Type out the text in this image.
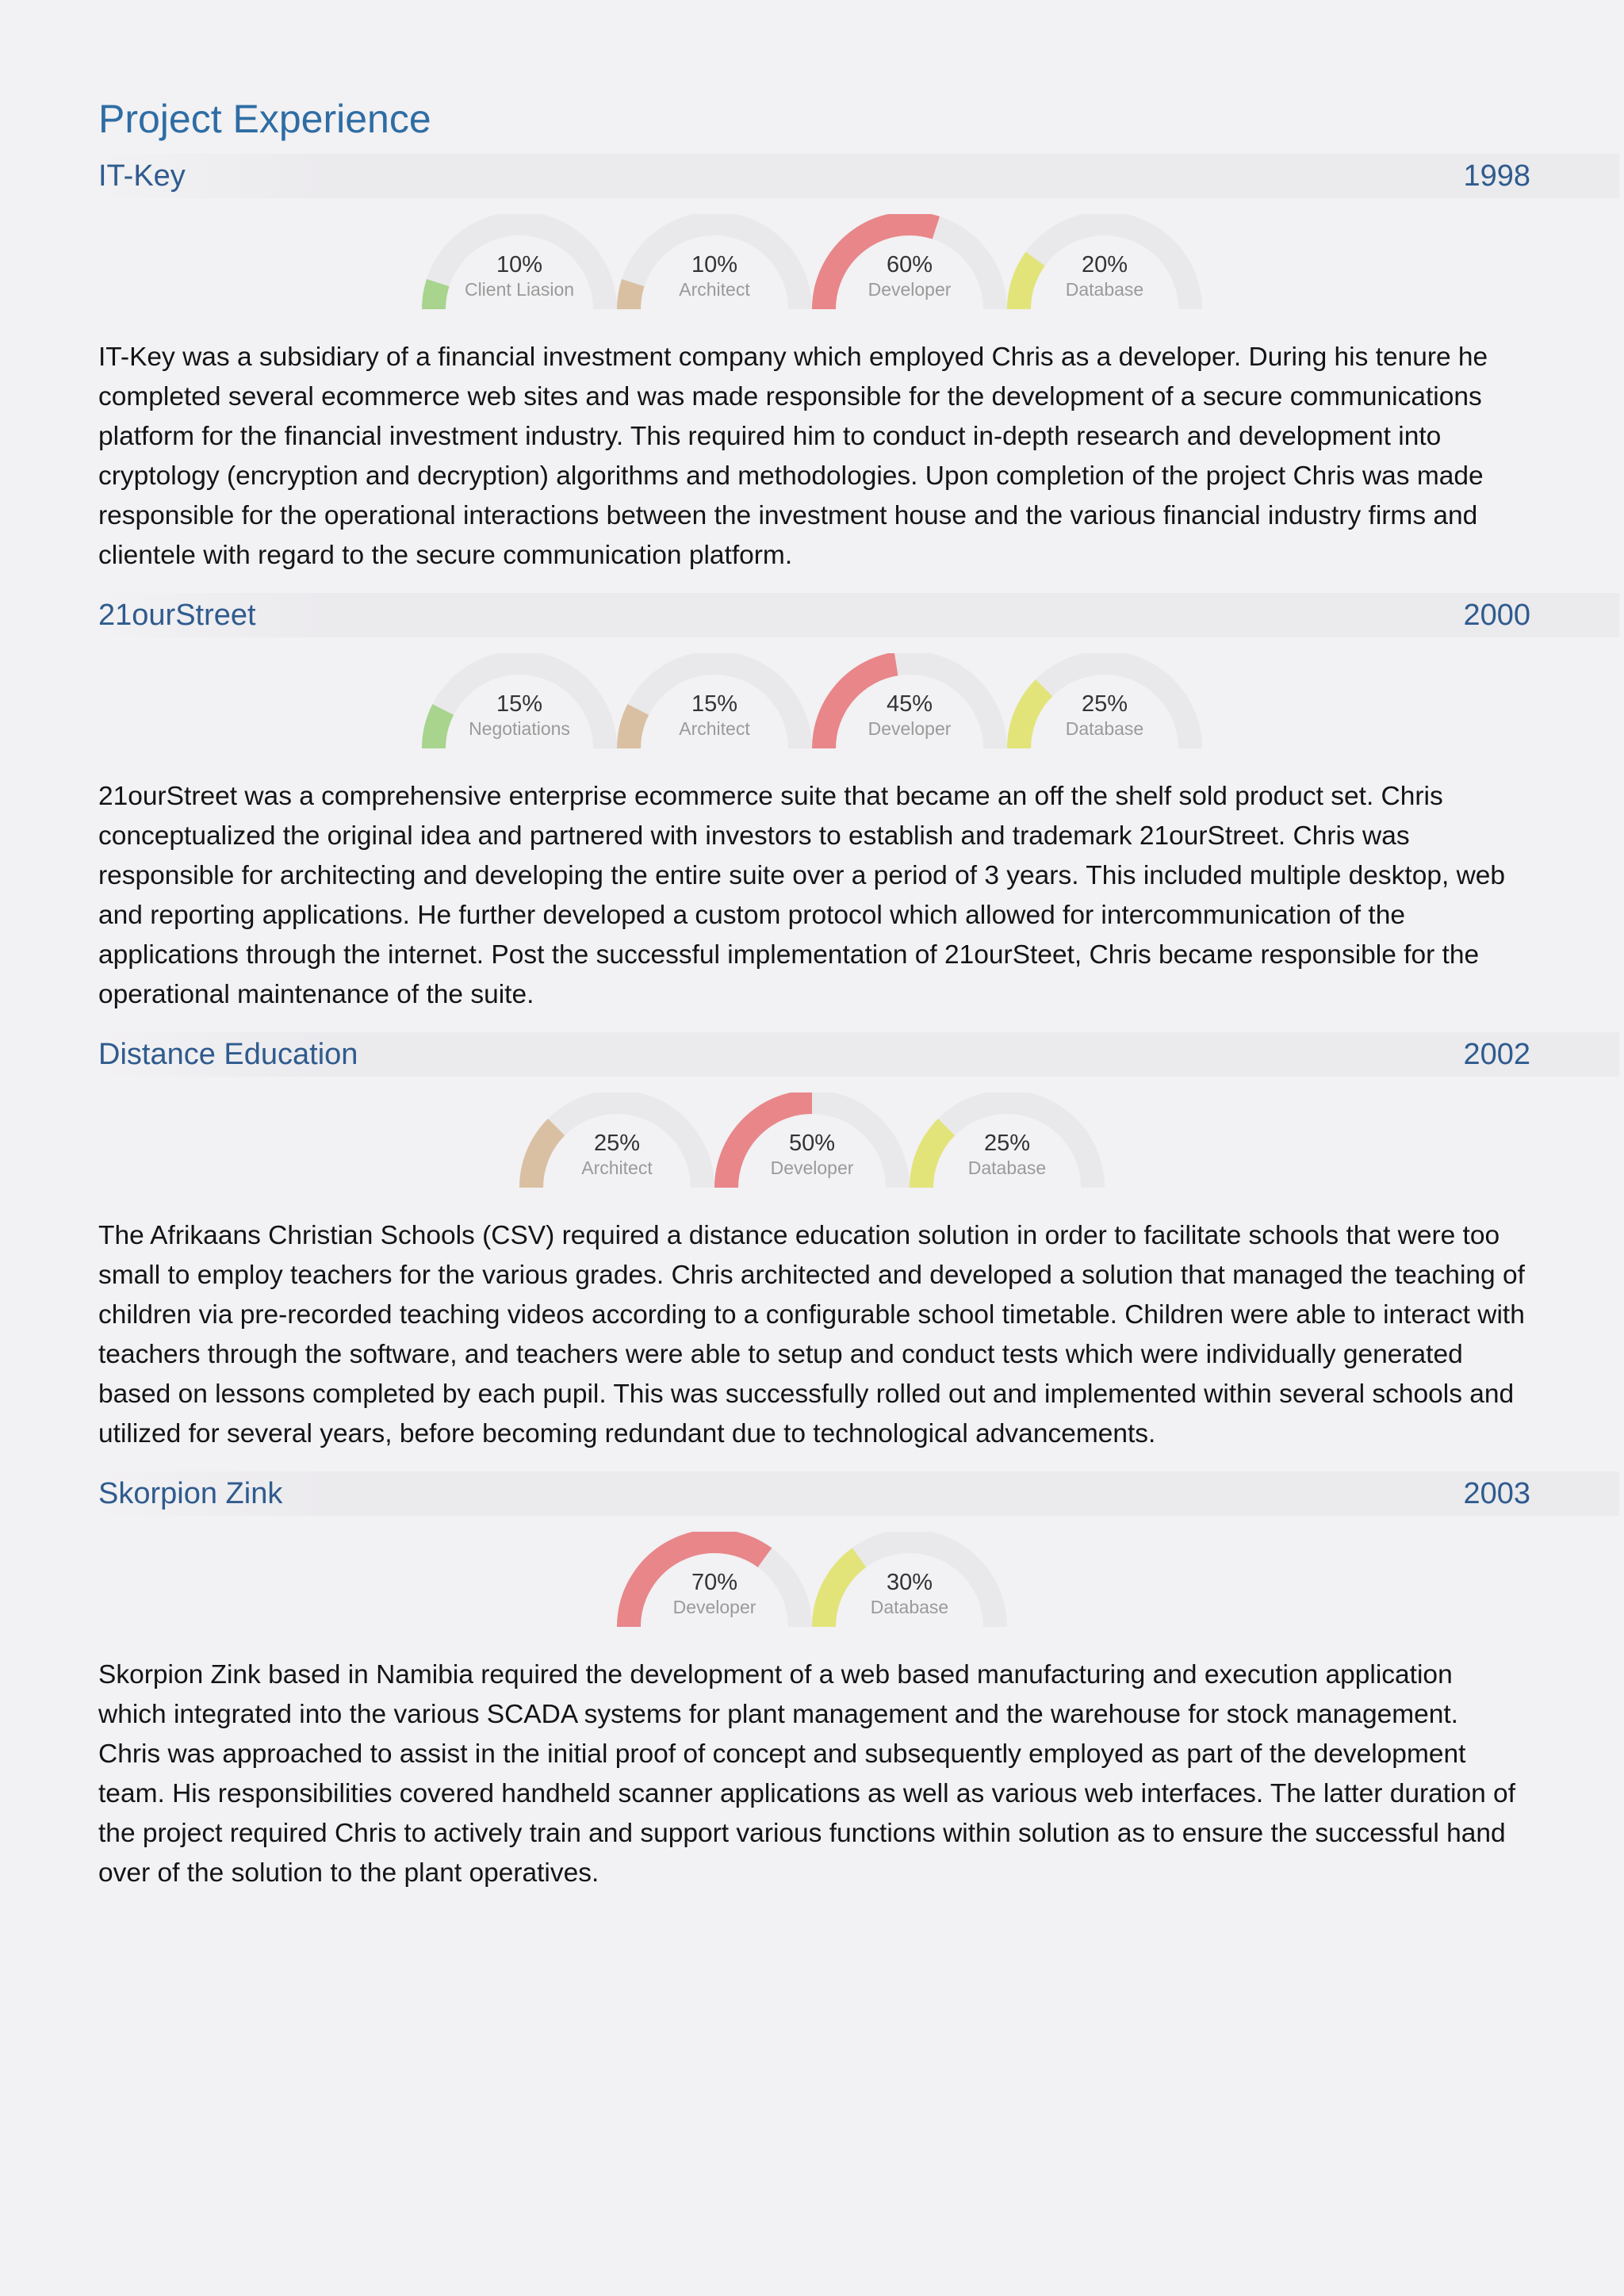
Project Experience
IT-Key	1998
10%
Client Liasion
10%
Architect
60%
Developer
20%
Database

IT-Key was a subsidiary of a financial investment company which employed Chris as a developer. During his tenure he completed several ecommerce web sites and was made responsible for the development of a secure communications platform for the financial investment industry. This required him to conduct in-depth research and development into cryptology (encryption and decryption) algorithms and methodologies. Upon completion of the project Chris was made responsible for the operational interactions between the investment house and the various financial industry firms and clientele with regard to the secure communication platform.

21ourStreet	2000
15%
Negotiations
15%
Architect
45%
Developer
25%
Database

21ourStreet was a comprehensive enterprise ecommerce suite that became an off the shelf sold product set. Chris conceptualized the original idea and partnered with investors to establish and trademark 21ourStreet. Chris was responsible for architecting and developing the entire suite over a period of 3 years. This included multiple desktop, web and reporting applications. He further developed a custom protocol which allowed for intercommunication of the applications through the internet. Post the successful implementation of 21ourSteet, Chris became responsible for the operational maintenance of the suite.

Distance Education	2002
25%
Architect
50%
Developer
25%
Database

The Afrikaans Christian Schools (CSV) required a distance education solution in order to facilitate schools that were too small to employ teachers for the various grades. Chris architected and developed a solution that managed the teaching of children via pre-recorded teaching videos according to a configurable school timetable. Children were able to interact with teachers through the software, and teachers were able to setup and conduct tests which were individually generated based on lessons completed by each pupil. This was successfully rolled out and implemented within several schools and utilized for several years, before becoming redundant due to technological advancements.

Skorpion Zink	2003
70%
Developer
30%
Database

Skorpion Zink based in Namibia required the development of a web based manufacturing and execution application which integrated into the various SCADA systems for plant management and the warehouse for stock management. Chris was approached to assist in the initial proof of concept and subsequently employed as part of the development team. His responsibilities covered handheld scanner applications as well as various web interfaces. The latter duration of the project required Chris to actively train and support various functions within solution as to ensure the successful hand over of the solution to the plant operatives.
